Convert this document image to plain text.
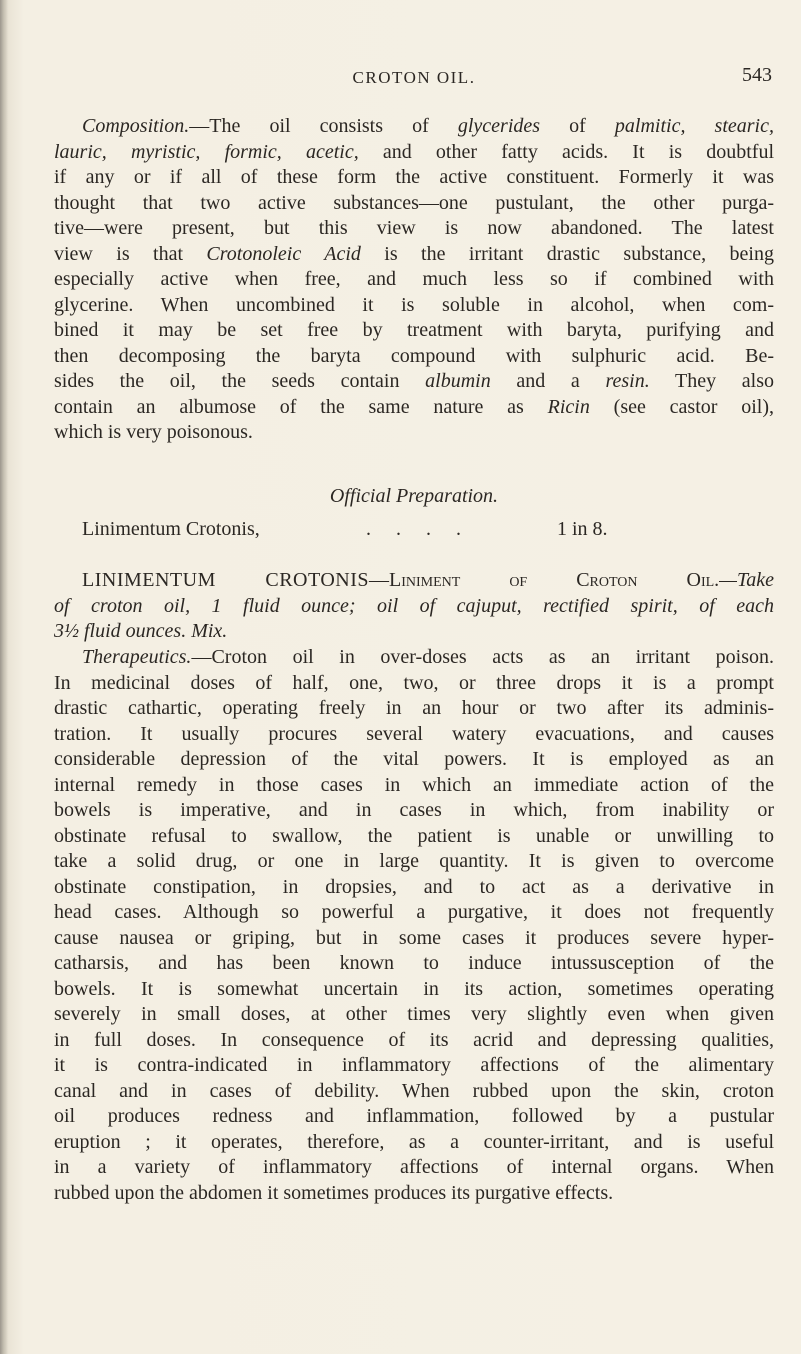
CROTON OIL.	543
Composition.—The oil consists of glycerides of palmitic, stearic,
lauric, myristic, formic, acetic, and other fatty acids. It is doubtful
if any or if all of these form the active constituent. Formerly it was
thought that two active substances—one pustulant, the other purga-
tive—were present, but this view is now abandoned. The latest
view is that Crotonoleic Acid is the irritant drastic substance, being
especially active when free, and much less so if combined with
glycerine. When uncombined it is soluble in alcohol, when com-
bined it may be set free by treatment with baryta, purifying and
then decomposing the baryta compound with sulphuric acid. Be-
sides the oil, the seeds contain albumin and a resin. They also
contain an albumose of the same nature as Ricin (see castor oil),
which is very poisonous.
Official Preparation.
Linimentum Crotonis,	. . . .	1 in 8.
LINIMENTUM CROTONIS—Liniment of Croton Oil.—Take
of croton oil, 1 fluid ounce; oil of cajuput, rectified spirit, of each
3½ fluid ounces. Mix.
Therapeutics.—Croton oil in over-doses acts as an irritant poison.
In medicinal doses of half, one, two, or three drops it is a prompt
drastic cathartic, operating freely in an hour or two after its adminis-
tration. It usually procures several watery evacuations, and causes
considerable depression of the vital powers. It is employed as an
internal remedy in those cases in which an immediate action of the
bowels is imperative, and in cases in which, from inability or
obstinate refusal to swallow, the patient is unable or unwilling to
take a solid drug, or one in large quantity. It is given to overcome
obstinate constipation, in dropsies, and to act as a derivative in
head cases. Although so powerful a purgative, it does not frequently
cause nausea or griping, but in some cases it produces severe hyper-
catharsis, and has been known to induce intussusception of the
bowels. It is somewhat uncertain in its action, sometimes operating
severely in small doses, at other times very slightly even when given
in full doses. In consequence of its acrid and depressing qualities,
it is contra-indicated in inflammatory affections of the alimentary
canal and in cases of debility. When rubbed upon the skin, croton
oil produces redness and inflammation, followed by a pustular
eruption ; it operates, therefore, as a counter-irritant, and is useful
in a variety of inflammatory affections of internal organs. When
rubbed upon the abdomen it sometimes produces its purgative effects.
